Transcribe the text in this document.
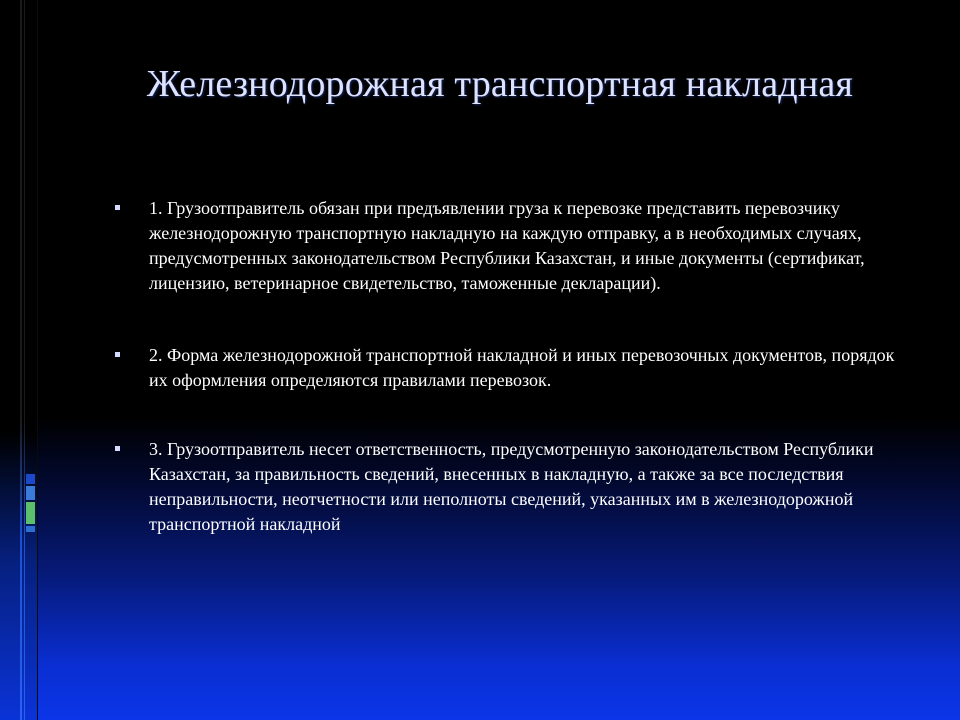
Железнодорожная транспортная накладная
1. Грузоотправитель обязан при предъявлении груза к перевозке представить перевозчику железнодорожную транспортную накладную на каждую отправку, а в необходимых случаях, предусмотренных законодательством Республики Казахстан, и иные документы (сертификат, лицензию, ветеринарное свидетельство, таможенные декларации).
2. Форма железнодорожной транспортной накладной и иных перевозочных документов, порядок их оформления определяются правилами перевозок.
3. Грузоотправитель несет ответственность, предусмотренную законодательством Республики Казахстан, за правильность сведений, внесенных в накладную, а также за все последствия неправильности, неотчетности или неполноты сведений, указанных им в железнодорожной транспортной накладной
